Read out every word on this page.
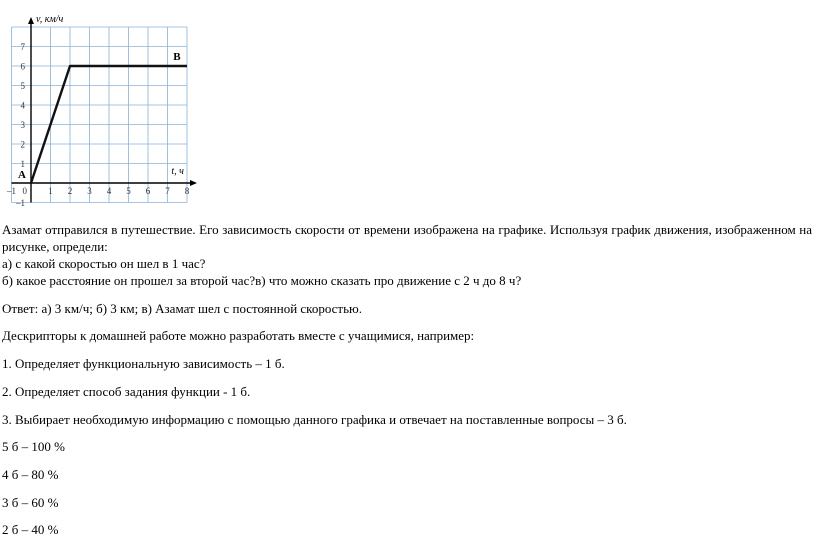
–1	1 2 3 4 5 6 7 8
0
–1
1
2
3
4
5
6
7
v, км/ч
t, ч
A
B
Азамат отправился в путешествие. Его зависимость скорости от времени изображена на графике. Используя график движения, изображенном на рисунке, определи:
а) с какой скоростью он шел в 1 час?
б) какое расстояние он прошел за второй час?в) что можно сказать про движение с 2 ч до 8 ч?
Ответ: а) 3 км/ч; б) 3 км; в) Азамат шел с постоянной скоростью.
Дескрипторы к домашней работе можно разработать вместе с учащимися, например:
1. Определяет функциональную зависимость – 1 б.
2. Определяет способ задания функции - 1 б.
3. Выбирает необходимую информацию с помощью данного графика и отвечает на поставленные вопросы – 3 б.
5 б – 100 %
4 б – 80 %
3 б – 60 %
2 б – 40 %
